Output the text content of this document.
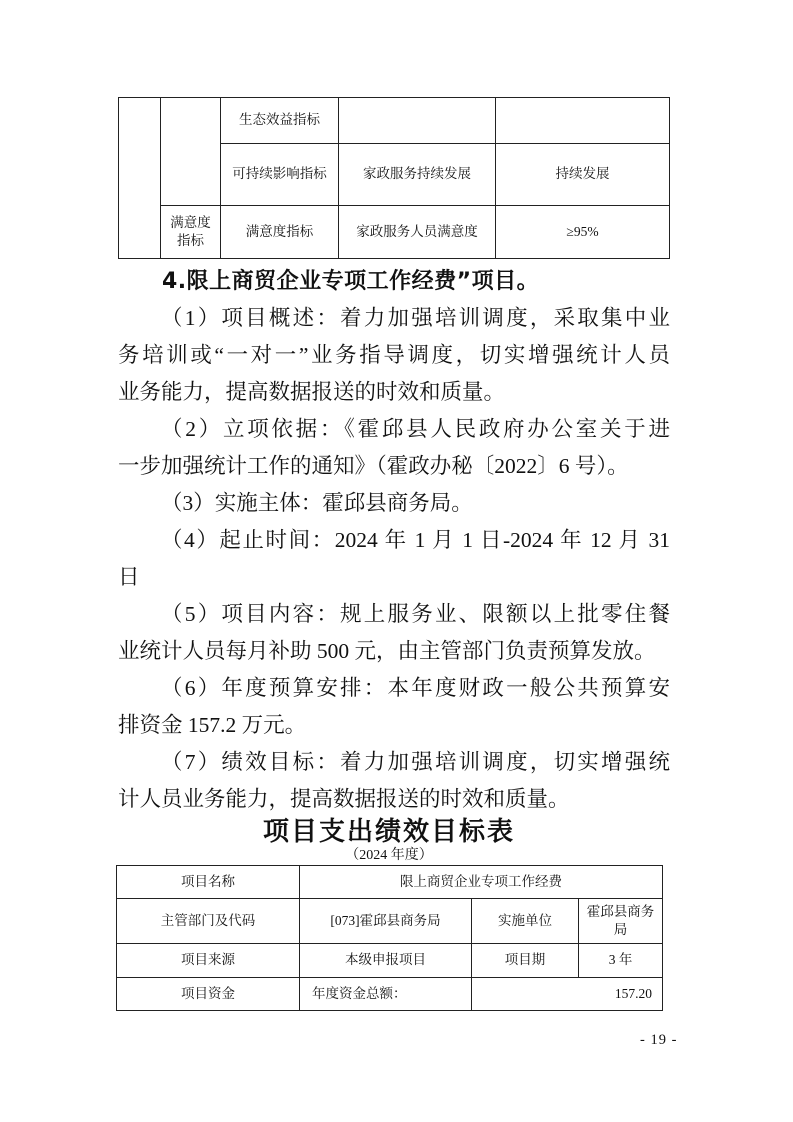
		生态效益指标		
		可持续影响指标	家政服务持续发展	持续发展
	满意度指标	满意度指标	家政服务人员满意度	≥95%
4.限上商贸企业专项工作经费”项目。
（1）项目概述：着力加强培训调度，采取集中业
务培训或“一对一”业务指导调度，切实增强统计人员
业务能力，提高数据报送的时效和质量。
（2）立项依据：《霍邱县人民政府办公室关于进
一步加强统计工作的通知》（霍政办秘〔2022〕6 号）。
（3）实施主体：霍邱县商务局。
（4）起止时间：2024 年 1 月 1 日-2024 年 12 月 31
日
（5）项目内容：规上服务业、限额以上批零住餐
业统计人员每月补助 500 元，由主管部门负责预算发放。
（6）年度预算安排：本年度财政一般公共预算安
排资金 157.2 万元。
（7）绩效目标：着力加强培训调度，切实增强统
计人员业务能力，提高数据报送的时效和质量。
项目支出绩效目标表
（2024 年度）
项目名称	限上商贸企业专项工作经费		
主管部门及代码	[073]霍邱县商务局	实施单位	霍邱县商务局
项目来源	本级申报项目	项目期	3 年
项目资金	年度资金总额：	157.20	
- 19 -
